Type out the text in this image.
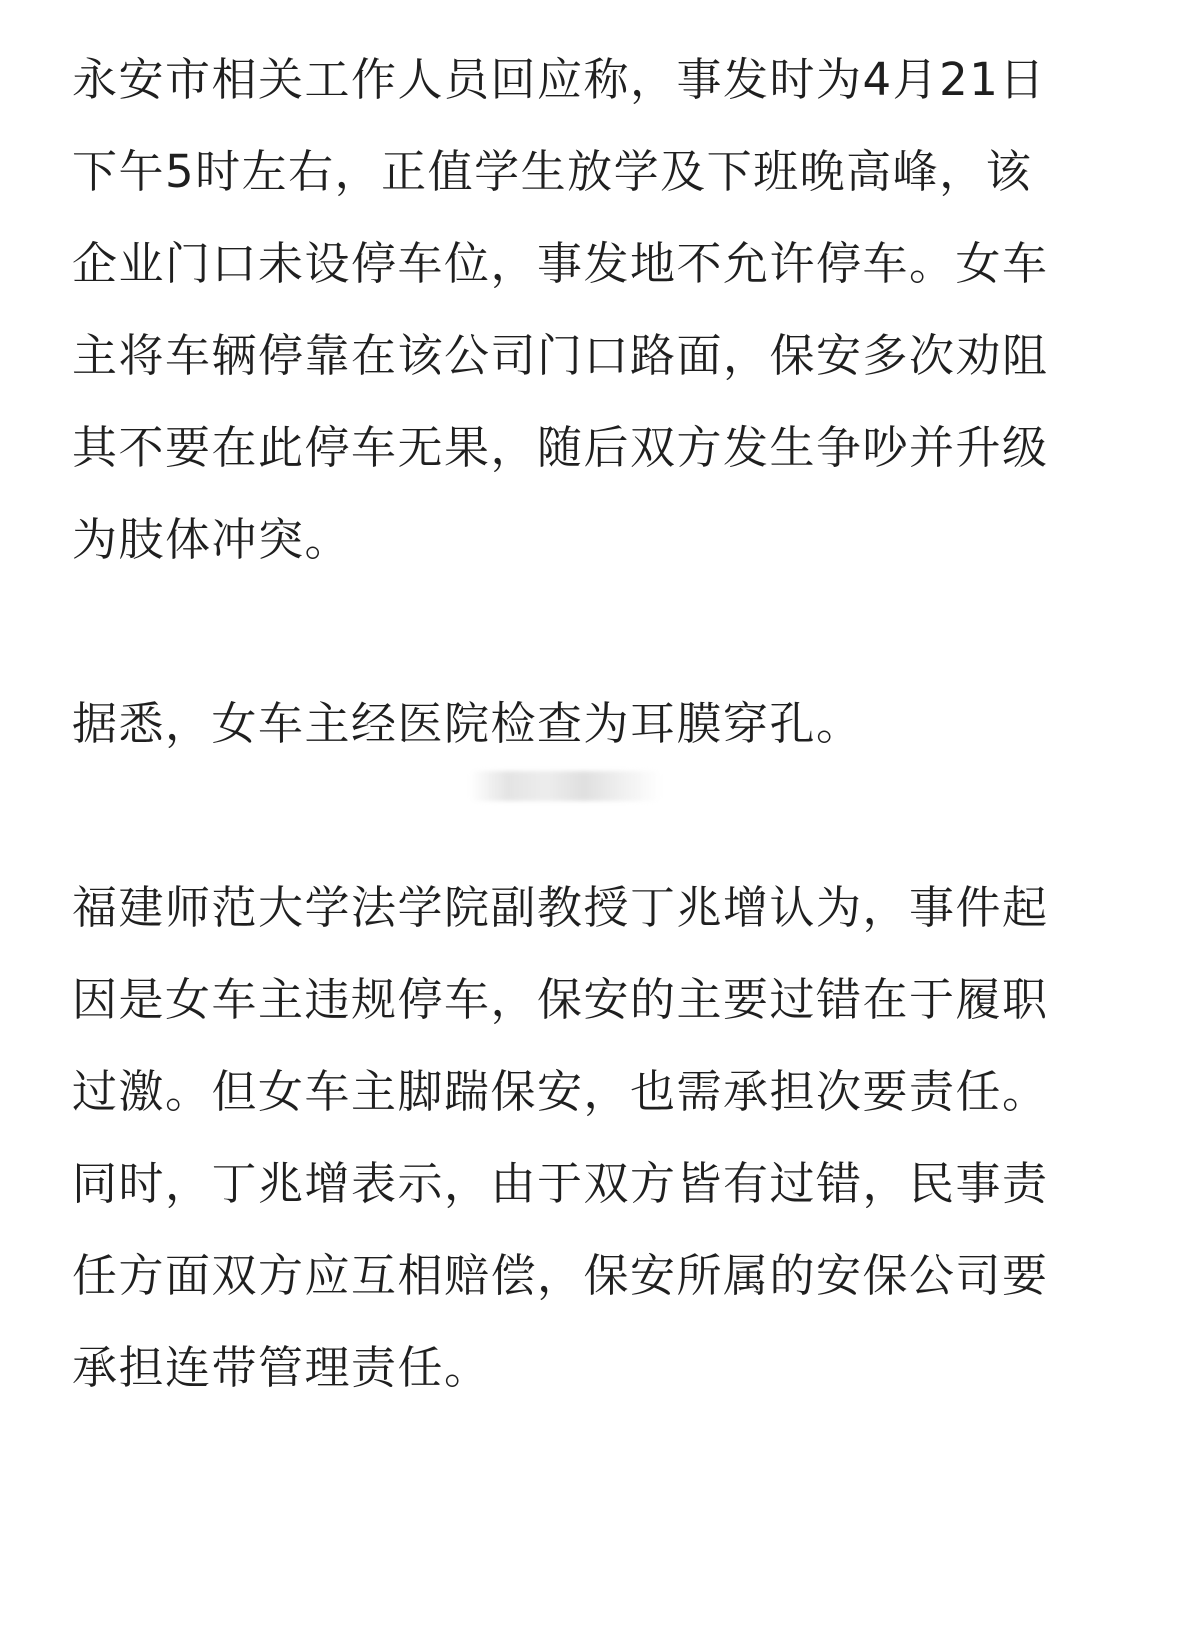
永安市相关工作人员回应称，事发时为4月21日
下午5时左右，正值学生放学及下班晚高峰，该
企业门口未设停车位，事发地不允许停车。女车
主将车辆停靠在该公司门口路面，保安多次劝阻
其不要在此停车无果，随后双方发生争吵并升级
为肢体冲突。

据悉，女车主经医院检查为耳膜穿孔。

福建师范大学法学院副教授丁兆增认为，事件起
因是女车主违规停车，保安的主要过错在于履职
过激。但女车主脚踹保安，也需承担次要责任。
同时，丁兆增表示，由于双方皆有过错，民事责
任方面双方应互相赔偿，保安所属的安保公司要
承担连带管理责任。
